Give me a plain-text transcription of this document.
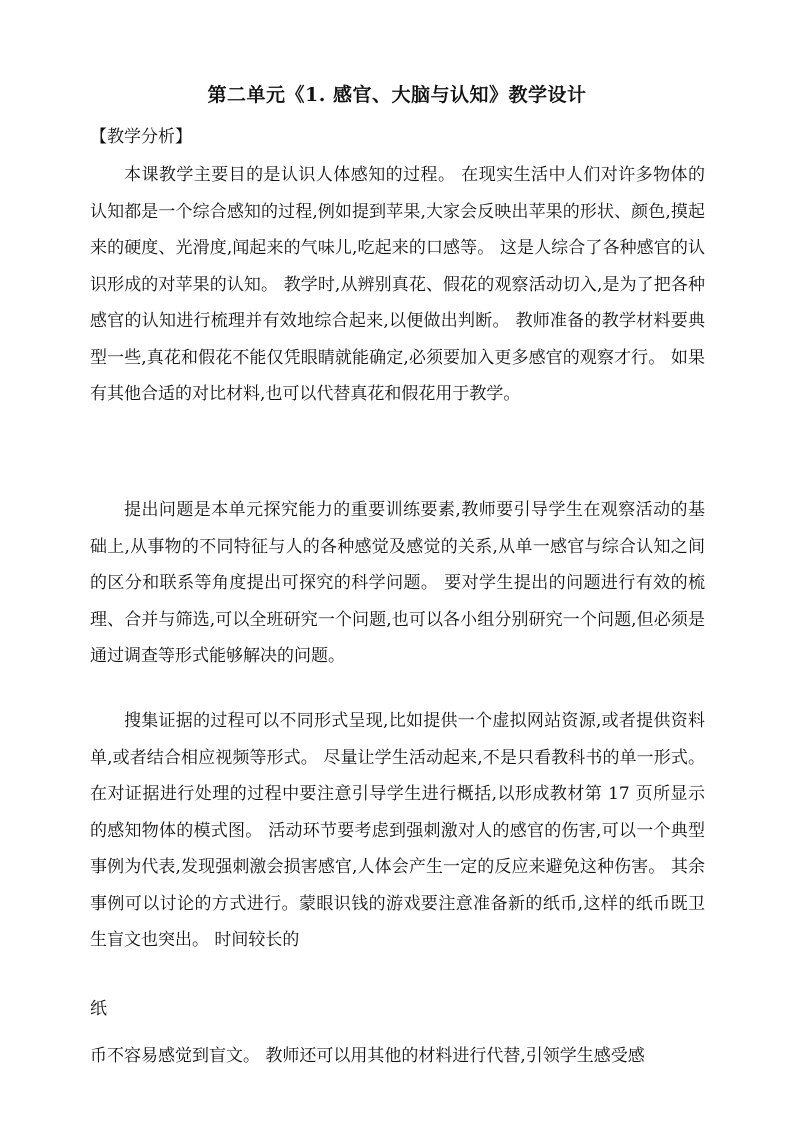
第二单元《1. 感官、大脑与认知》教学设计
【教学分析】

本课教学主要目的是认识人体感知的过程。 在现实生活中人们对许多物体的认知都是一个综合感知的过程,例如提到苹果,大家会反映出苹果的形状、颜色,摸起来的硬度、光滑度,闻起来的气味儿,吃起来的口感等。 这是人综合了各种感官的认识形成的对苹果的认知。 教学时,从辨别真花、假花的观察活动切入,是为了把各种感官的认知进行梳理并有效地综合起来,以便做出判断。 教师准备的教学材料要典型一些,真花和假花不能仅凭眼睛就能确定,必须要加入更多感官的观察才行。 如果有其他合适的对比材料,也可以代替真花和假花用于教学。

提出问题是本单元探究能力的重要训练要素,教师要引导学生在观察活动的基础上,从事物的不同特征与人的各种感觉及感觉的关系,从单一感官与综合认知之间的区分和联系等角度提出可探究的科学问题。 要对学生提出的问题进行有效的梳理、合并与筛选,可以全班研究一个问题,也可以各小组分别研究一个问题,但必须是通过调查等形式能够解决的问题。

搜集证据的过程可以不同形式呈现,比如提供一个虚拟网站资源,或者提供资料单,或者结合相应视频等形式。 尽量让学生活动起来,不是只看教科书的单一形式。 在对证据进行处理的过程中要注意引导学生进行概括,以形成教材第 17 页所显示的感知物体的模式图。 活动环节要考虑到强刺激对人的感官的伤害,可以一个典型事例为代表,发现强刺激会损害感官,人体会产生一定的反应来避免这种伤害。 其余事例可以讨论的方式进行。蒙眼识钱的游戏要注意准备新的纸币,这样的纸币既卫生盲文也突出。 时间较长的

纸

币不容易感觉到盲文。 教师还可以用其他的材料进行代替,引领学生感受感
